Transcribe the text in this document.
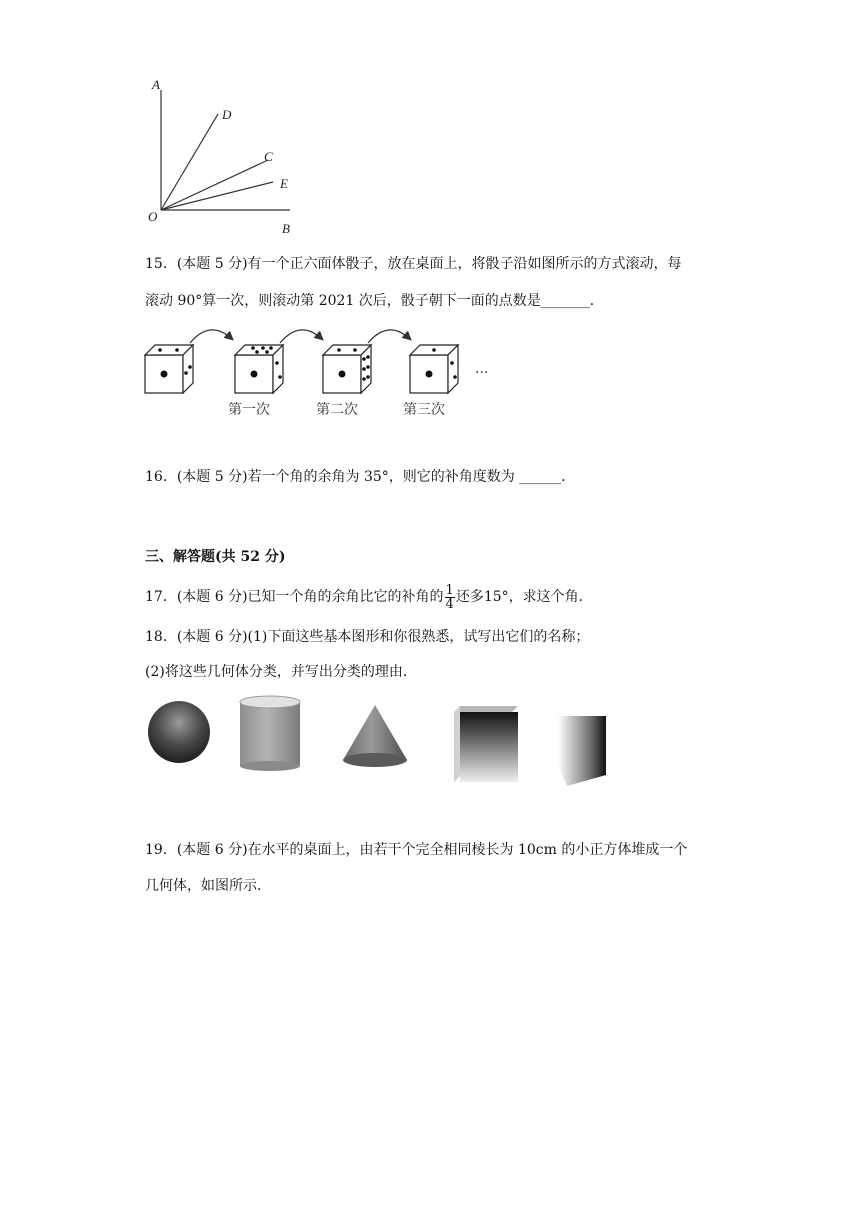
A
D
C
E
O
B
15．(本题 5 分)有一个正六面体骰子，放在桌面上，将骰子沿如图所示的方式滚动，每
滚动 90°算一次，则滚动第 2021 次后，骰子朝下一面的点数是_______．
···
第一次	第二次	第三次
16．(本题 5 分)若一个角的余角为 35°，则它的补角度数为 ______．
三、解答题(共 52 分)
17．(本题 6 分)已知一个角的余角比它的补角的 $\frac{1}{4}$ 还多15°，求这个角．
18．(本题 6 分)(1)下面这些基本图形和你很熟悉，试写出它们的名称；
(2)将这些几何体分类，并写出分类的理由．
19．(本题 6 分)在水平的桌面上，由若干个完全相同棱长为 10cm 的小正方体堆成一个
几何体，如图所示．
